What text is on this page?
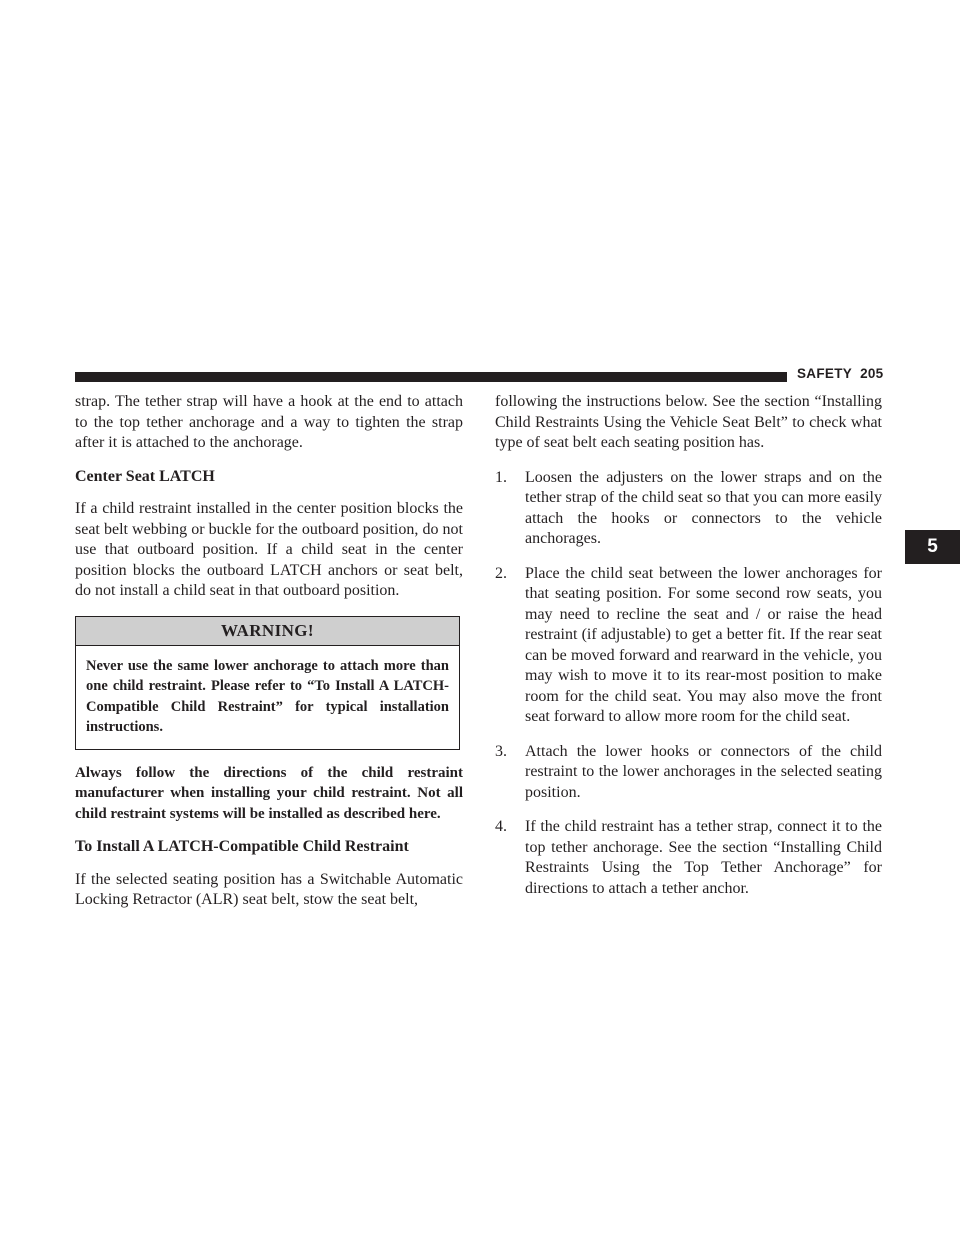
SAFETY 205
5

strap. The tether strap will have a hook at the end to attach to the top tether anchorage and a way to tighten the strap after it is attached to the anchorage.

Center Seat LATCH

If a child restraint installed in the center position blocks the seat belt webbing or buckle for the outboard position, do not use that outboard position. If a child seat in the center position blocks the outboard LATCH anchors or seat belt, do not install a child seat in that outboard position.

WARNING!
Never use the same lower anchorage to attach more than one child restraint. Please refer to “To Install A LATCH-Compatible Child Restraint” for typical installation instructions.

Always follow the directions of the child restraint manufacturer when installing your child restraint. Not all child restraint systems will be installed as described here.

To Install A LATCH-Compatible Child Restraint

If the selected seating position has a Switchable Automatic Locking Retractor (ALR) seat belt, stow the seat belt,

following the instructions below. See the section “Installing Child Restraints Using the Vehicle Seat Belt” to check what type of seat belt each seating position has.

1.	Loosen the adjusters on the lower straps and on the tether strap of the child seat so that you can more easily attach the hooks or connectors to the vehicle anchorages.
2.	Place the child seat between the lower anchorages for that seating position. For some second row seats, you may need to recline the seat and / or raise the head restraint (if adjustable) to get a better fit. If the rear seat can be moved forward and rearward in the vehicle, you may wish to move it to its rear-most position to make room for the child seat. You may also move the front seat forward to allow more room for the child seat.
3.	Attach the lower hooks or connectors of the child restraint to the lower anchorages in the selected seating position.
4.	If the child restraint has a tether strap, connect it to the top tether anchorage. See the section “Installing Child Restraints Using the Top Tether Anchorage” for directions to attach a tether anchor.
